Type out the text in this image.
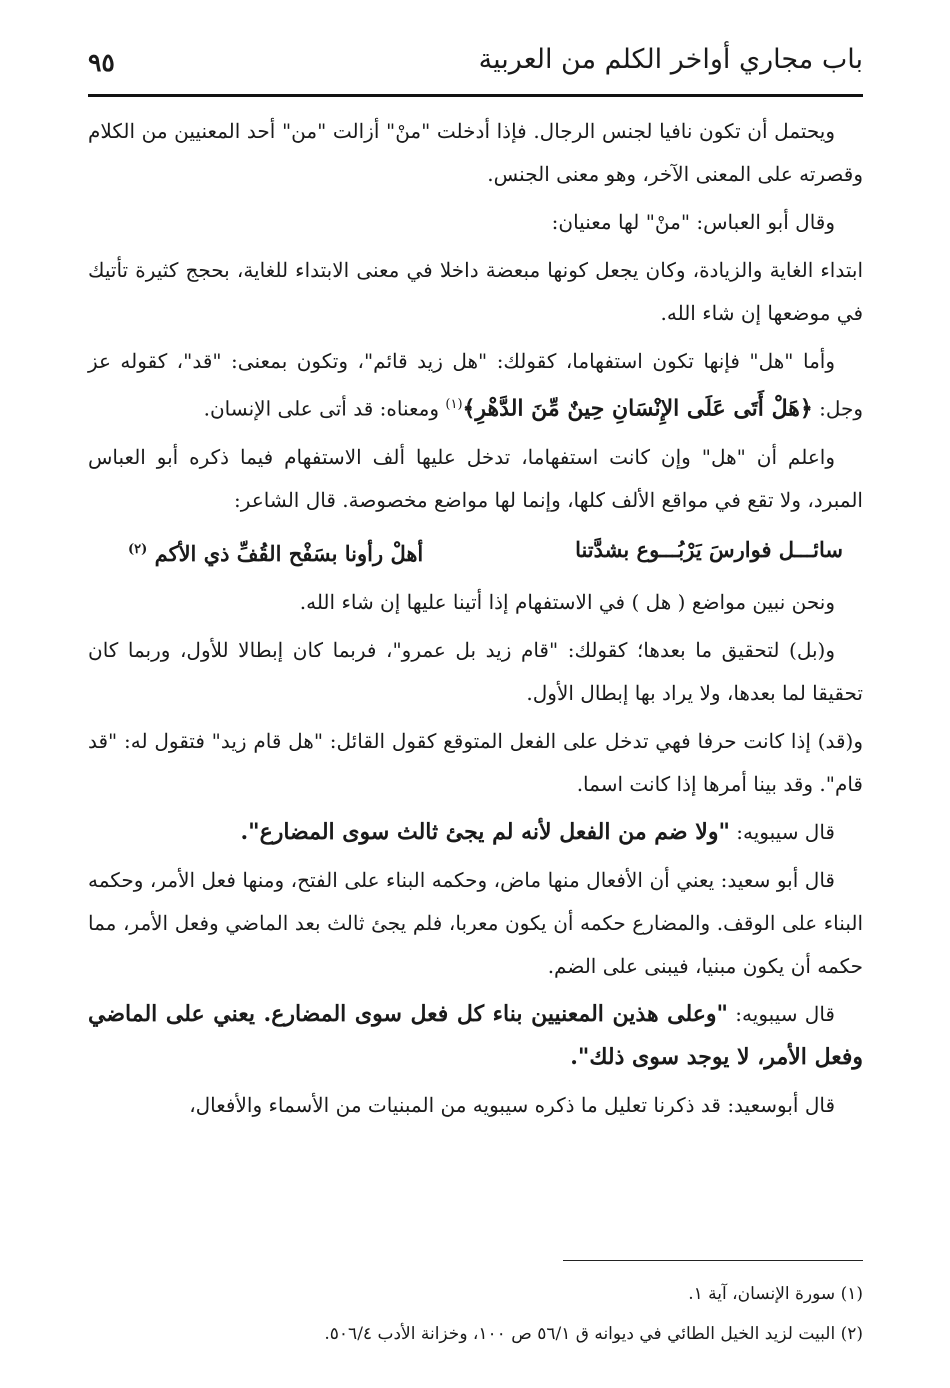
باب مجاري أواخر الكلم من العربية
٩٥

ويحتمل أن تكون نافيا لجنس الرجال. فإذا أدخلت "منْ" أزالت "من" أحد المعنيين من الكلام وقصرته على المعنى الآخر، وهو معنى الجنس.

وقال أبو العباس: "منْ" لها معنيان:

ابتداء الغاية والزيادة، وكان يجعل كونها مبعضة داخلا في معنى الابتداء للغاية، بحجج كثيرة تأتيك في موضعها إن شاء الله.

وأما "هل" فإنها تكون استفهاما، كقولك: "هل زيد قائم"، وتكون بمعنى: "قد"، كقوله عز وجل: ﴿هَلْ أَتَى عَلَى الإِنْسَانِ حِينٌ مِّنَ الدَّهْرِ﴾$^{(١)}$ ومعناه: قد أتى على الإنسان.

واعلم أن "هل" وإن كانت استفهاما، تدخل عليها ألف الاستفهام فيما ذكره أبو العباس المبرد، ولا تقع في مواقع الألف كلها، وإنما لها مواضع مخصوصة. قال الشاعر:

سائـــل فوارسَ يَرْبُـــوع بشدَّتنا
أهلْ رأونا بسَفْح القُفِّ ذي الأكم $^{(٢)}$

ونحن نبين مواضع ( هل ) في الاستفهام إذا أتينا عليها إن شاء الله.

و(بل) لتحقيق ما بعدها؛ كقولك: "قام زيد بل عمرو"، فربما كان إبطالا للأول، وربما كان تحقيقا لما بعدها، ولا يراد بها إبطال الأول.

و(قد) إذا كانت حرفا فهي تدخل على الفعل المتوقع كقول القائل: "هل قام زيد" فتقول له: "قد قام". وقد بينا أمرها إذا كانت اسما.

قال سيبويه: "ولا ضم من الفعل لأنه لم يجئ ثالث سوى المضارع".

قال أبو سعيد: يعني أن الأفعال منها ماض، وحكمه البناء على الفتح، ومنها فعل الأمر، وحكمه البناء على الوقف. والمضارع حكمه أن يكون معربا، فلم يجئ ثالث بعد الماضي وفعل الأمر، مما حكمه أن يكون مبنيا، فيبنى على الضم.

قال سيبويه: "وعلى هذين المعنيين بناء كل فعل سوى المضارع. يعني على الماضي وفعل الأمر، لا يوجد سوى ذلك".

قال أبوسعيد: قد ذكرنا تعليل ما ذكره سيبويه من المبنيات من الأسماء والأفعال،

(١) سورة الإنسان، آية ١.

(٢) البيت لزيد الخيل الطائي في ديوانه ق ٥٦/١ ص ١٠٠، وخزانة الأدب ٥٠٦/٤.
